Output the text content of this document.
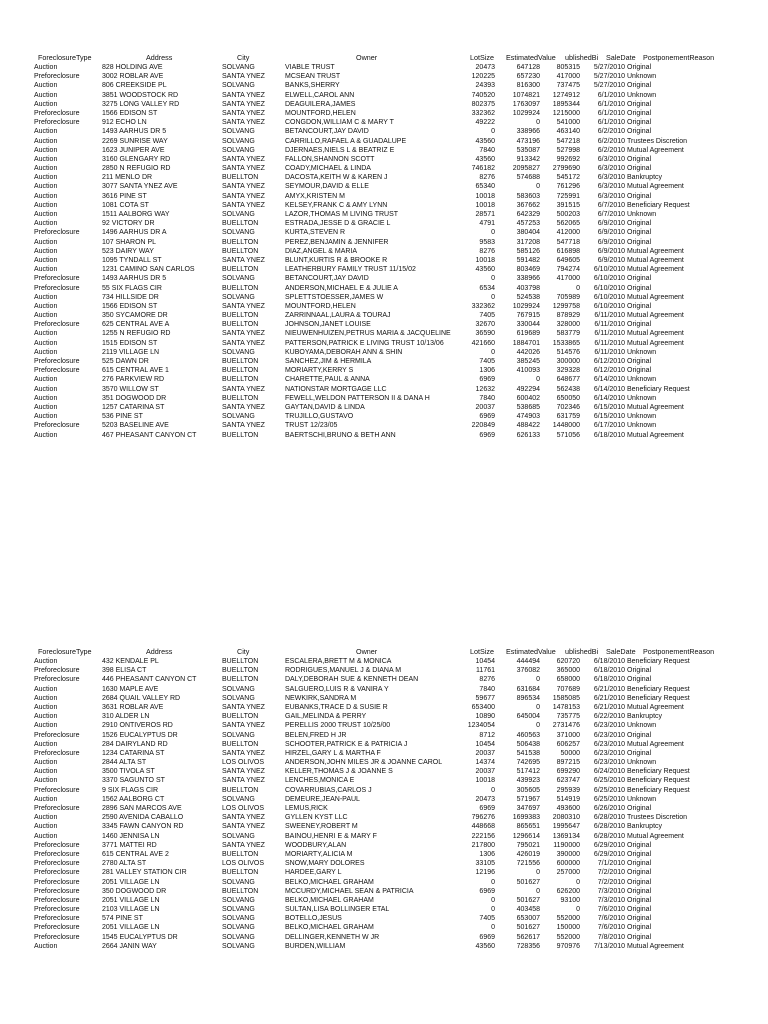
ForeclosureType	Address	City	Owner	LotSize	EstimatedValue	ublishedBi	SaleDate	PostponementReason
Auction	828 HOLDING AVE	SOLVANG	VIABLE TRUST	20473	647128	805315	5/27/2010 Original
Preforeclosure	3002 ROBLAR AVE	SANTA YNEZ	MCSEAN TRUST	120225	657230	417000	5/27/2010 Unknown
Auction	806 CREEKSIDE PL	SOLVANG	BANKS,SHERRY	24393	816300	737475	5/27/2010 Original
Auction	3851 WOODSTOCK RD	SANTA YNEZ	ELWELL,CAROL ANN	740520	1074821	1274912	6/1/2010 Unknown
Auction	3275 LONG VALLEY RD	SANTA YNEZ	DEAGUILERA,JAMES	802375	1763097	1895344	6/1/2010 Original
Preforeclosure	1566 EDISON ST	SANTA YNEZ	MOUNTFORD,HELEN	332362	1029924	1215000	6/1/2010 Original
Preforeclosure	912 ECHO LN	SANTA YNEZ	CONGDON,WILLIAM C & MARY T	49222	0	541000	6/1/2010 Original
Auction	1493 AARHUS DR 5	SOLVANG	BETANCOURT,JAY DAVID	0	338966	463140	6/2/2010 Original
Auction	2269 SUNRISE WAY	SOLVANG	CARRILLO,RAFAEL A & GUADALUPE	43560	473196	547218	6/2/2010 Trustees Discretion
Auction	1623 JUNIPER AVE	SOLVANG	DJERNAES,NIELS L & BEATRIZ E	7840	535087	527998	6/2/2010 Mutual Agreement
Auction	3160 GLENGARY RD	SANTA YNEZ	FALLON,SHANNON SCOTT	43560	913342	992692	6/3/2010 Original
Auction	2850 N REFUGIO RD	SANTA YNEZ	COADY,MICHAEL & LINDA	746182	2095827	2799690	6/3/2010 Original
Auction	211 MENLO DR	BUELLTON	DACOSTA,KEITH W & KAREN J	8276	574688	545172	6/3/2010 Bankruptcy
Auction	3077 SANTA YNEZ AVE	SANTA YNEZ	SEYMOUR,DAVID & ELLE	65340	0	761296	6/3/2010 Mutual Agreement
Auction	3616 PINE ST	SANTA YNEZ	AMYX,KRISTEN M	10018	583603	725991	6/3/2010 Original
Auction	1081 COTA ST	SANTA YNEZ	KELSEY,FRANK C & AMY LYNN	10018	367662	391515	6/7/2010 Beneficiary Request
Auction	1511 AALBORG WAY	SOLVANG	LAZOR,THOMAS M LIVING TRUST	28571	642329	500203	6/7/2010 Unknown
Auction	92 VICTORY DR	BUELLTON	ESTRADA,JESSE D & GRACIE L	4791	457253	562065	6/9/2010 Original
Preforeclosure	1496 AARHUS DR A	SOLVANG	KURTA,STEVEN R	0	380404	412000	6/9/2010 Original
Auction	107 SHARON PL	BUELLTON	PEREZ,BENJAMIN & JENNIFER	9583	317208	547718	6/9/2010 Original
Auction	523 DAIRY WAY	BUELLTON	DIAZ,ANGEL & MARIA	8276	585126	616898	6/9/2010 Mutual Agreement
Auction	1095 TYNDALL ST	SANTA YNEZ	BLUNT,KURTIS R & BROOKE R	10018	591482	649605	6/9/2010 Mutual Agreement
Auction	1231 CAMINO SAN CARLOS	BUELLTON	LEATHERBURY FAMILY TRUST 11/15/02	43560	803469	794274	6/10/2010 Mutual Agreement
Preforeclosure	1493 AARHUS DR 5	SOLVANG	BETANCOURT,JAY DAVID	0	338966	417000	6/10/2010 Original
Preforeclosure	55 SIX FLAGS CIR	BUELLTON	ANDERSON,MICHAEL E & JULIE A	6534	403798	0	6/10/2010 Original
Auction	734 HILLSIDE DR	SOLVANG	SPLETTSTOESSER,JAMES W	0	524538	705989	6/10/2010 Mutual Agreement
Auction	1566 EDISON ST	SANTA YNEZ	MOUNTFORD,HELEN	332362	1029924	1299758	6/10/2010 Original
Auction	350 SYCAMORE DR	BUELLTON	ZARRINNAAL,LAURA & TOURAJ	7405	767915	878929	6/11/2010 Mutual Agreement
Preforeclosure	625 CENTRAL AVE A	BUELLTON	JOHNSON,JANET LOUISE	32670	330044	328000	6/11/2010 Original
Auction	1255 N REFUGIO RD	SANTA YNEZ	NIEUWENHUIZEN,PETRUS MARIA & JACQUELINE	36590	619689	583779	6/11/2010 Mutual Agreement
Auction	1515 EDISON ST	SANTA YNEZ	PATTERSON,PATRICK E LIVING TRUST 10/13/06	421660	1884701	1533865	6/11/2010 Mutual Agreement
Auction	2119 VILLAGE LN	SOLVANG	KUBOYAMA,DEBORAH ANN & SHIN	0	442026	514576	6/11/2010 Unknown
Preforeclosure	525 DAWN DR	BUELLTON	SANCHEZ,JIM & HERMILA	7405	385245	300000	6/12/2010 Original
Preforeclosure	615 CENTRAL AVE 1	BUELLTON	MORIARTY,KERRY S	1306	410093	329328	6/12/2010 Original
Auction	276 PARKVIEW RD	BUELLTON	CHARETTE,PAUL & ANNA	6969	0	648677	6/14/2010 Unknown
Auction	3570 WILLOW ST	SANTA YNEZ	NATIONSTAR MORTGAGE LLC	12632	492294	562438	6/14/2010 Beneficiary Request
Auction	351 DOGWOOD DR	BUELLTON	FEWELL,WELDON PATTERSON II & DANA H	7840	600402	650050	6/14/2010 Unknown
Auction	1257 CATARINA ST	SANTA YNEZ	GAYTAN,DAVID & LINDA	20037	538685	702346	6/15/2010 Mutual Agreement
Auction	536 PINE ST	SOLVANG	TRUJILLO,GUSTAVO	6969	474903	631759	6/15/2010 Unknown
Preforeclosure	5203 BASELINE AVE	SANTA YNEZ	TRUST 12/23/05	220849	488422	1448000	6/17/2010 Unknown
Auction	467 PHEASANT CANYON CT	BUELLTON	BAERTSCHI,BRUNO & BETH ANN	6969	626133	571056	6/18/2010 Mutual Agreement
ForeclosureType	Address	City	Owner	LotSize	EstimatedValue	ublishedBi	SaleDate	PostponementReason
Auction	432 KENDALE PL	BUELLTON	ESCALERA,BRETT M & MONICA	10454	444494	620720	6/18/2010 Beneficiary Request
Preforeclosure	398 ELISA CT	BUELLTON	RODRIGUES,MANUEL J & DIANA M	11761	376082	365000	6/18/2010 Original
Preforeclosure	446 PHEASANT CANYON CT	BUELLTON	DALY,DEBORAH SUE & KENNETH DEAN	8276	0	658000	6/18/2010 Original
Auction	1630 MAPLE AVE	SOLVANG	SALGUERO,LUIS R & VANIRA Y	7840	631684	707689	6/21/2010 Beneficiary Request
Auction	2684 QUAIL VALLEY RD	SOLVANG	NEWKIRK,SANDRA M	59677	896534	1585085	6/21/2010 Beneficiary Request
Auction	3631 ROBLAR AVE	SANTA YNEZ	EUBANKS,TRACE D & SUSIE R	653400	0	1478153	6/21/2010 Mutual Agreement
Auction	310 ALDER LN	BUELLTON	GAIL,MELINDA & PERRY	10890	645004	735775	6/22/2010 Bankruptcy
Auction	2910 ONTIVEROS RD	SANTA YNEZ	PERELLIS 2000 TRUST 10/25/00	1234054	0	2731476	6/23/2010 Unknown
Preforeclosure	1526 EUCALYPTUS DR	SOLVANG	BELEN,FRED H JR	8712	460563	371000	6/23/2010 Original
Auction	284 DAIRYLAND RD	BUELLTON	SCHOOTER,PATRICK E & PATRICIA J	10454	506438	606257	6/23/2010 Mutual Agreement
Preforeclosure	1234 CATARINA ST	SANTA YNEZ	HIRZEL,GARY L & MARTHA F	20037	541538	50000	6/23/2010 Original
Auction	2844 ALTA ST	LOS OLIVOS	ANDERSON,JOHN MILES JR & JOANNE CAROL	14374	742695	897215	6/23/2010 Unknown
Auction	3500 TIVOLA ST	SANTA YNEZ	KELLER,THOMAS J & JOANNE S	20037	517412	699290	6/24/2010 Beneficiary Request
Auction	3370 SAGUNTO ST	SANTA YNEZ	LENCHES,MONICA E	10018	439923	623747	6/25/2010 Beneficiary Request
Preforeclosure	9 SIX FLAGS CIR	BUELLTON	COVARRUBIAS,CARLOS J	0	305605	295939	6/25/2010 Beneficiary Request
Auction	1562 AALBORG CT	SOLVANG	DEMEURE,JEAN-PAUL	20473	571967	514919	6/25/2010 Unknown
Preforeclosure	2896 SAN MARCOS AVE	LOS OLIVOS	LEMUS,RICK	6969	347697	493600	6/26/2010 Original
Auction	2590 AVENIDA CABALLO	SANTA YNEZ	GYLLEN KYST LLC	796276	1699383	2080310	6/28/2010 Trustees Discretion
Auction	3345 FAWN CANYON RD	SANTA YNEZ	SWEENEY,ROBERT M	448668	865651	1995647	6/28/2010 Bankruptcy
Auction	1460 JENNISA LN	SOLVANG	BAINOU,HENRI E & MARY F	222156	1296614	1369134	6/28/2010 Mutual Agreement
Preforeclosure	3771 MATTEI RD	SANTA YNEZ	WOODBURY,ALAN	217800	795021	1190000	6/29/2010 Original
Preforeclosure	615 CENTRAL AVE 2	BUELLTON	MORIARTY,ALICIA M	1306	426019	390000	6/29/2010 Original
Preforeclosure	2780 ALTA ST	LOS OLIVOS	SNOW,MARY DOLORES	33105	721556	600000	7/1/2010 Original
Preforeclosure	281 VALLEY STATION CIR	BUELLTON	HARDEE,GARY L	12196	0	257000	7/2/2010 Original
Preforeclosure	2051 VILLAGE LN	SOLVANG	BELKO,MICHAEL GRAHAM	0	501627	0	7/2/2010 Original
Preforeclosure	350 DOGWOOD DR	BUELLTON	MCCURDY,MICHAEL SEAN & PATRICIA	6969	0	626200	7/3/2010 Original
Preforeclosure	2051 VILLAGE LN	SOLVANG	BELKO,MICHAEL GRAHAM	0	501627	93100	7/3/2010 Original
Preforeclosure	2103 VILLAGE LN	SOLVANG	SULTAN,LISA BOLLINGER ETAL	0	403458	0	7/6/2010 Original
Preforeclosure	574 PINE ST	SOLVANG	BOTELLO,JESUS	7405	653007	552000	7/6/2010 Original
Preforeclosure	2051 VILLAGE LN	SOLVANG	BELKO,MICHAEL GRAHAM	0	501627	150000	7/6/2010 Original
Preforeclosure	1545 EUCALYPTUS DR	SOLVANG	DELLINGER,KENNETH W JR	6969	562617	552000	7/8/2010 Original
Auction	2664 JANIN WAY	SOLVANG	BURDEN,WILLIAM	43560	728356	970976	7/13/2010 Mutual Agreement
